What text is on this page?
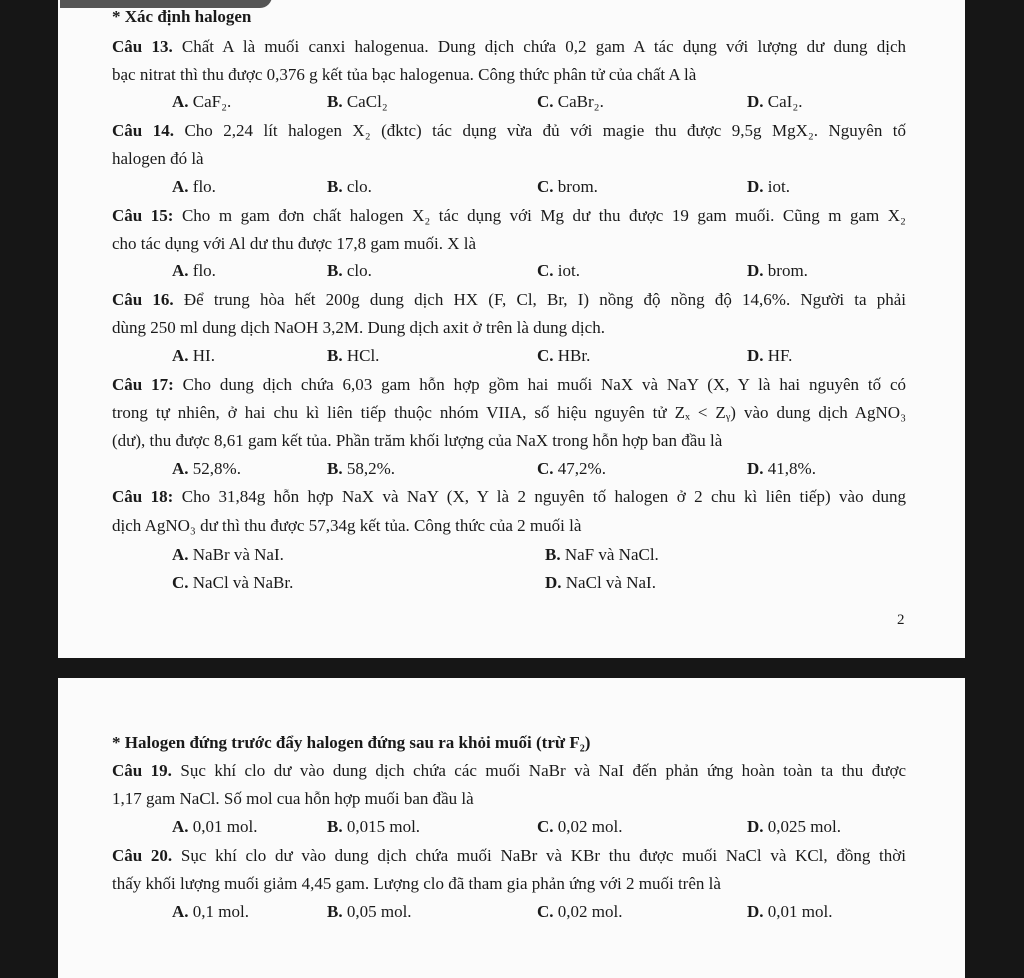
* Xác định halogen
Câu 13. Chất A là muối canxi halogenua. Dung dịch chứa 0,2 gam A tác dụng với lượng dư dung dịch
bạc nitrat thì thu được 0,376 g kết tủa bạc halogenua. Công thức phân tử của chất A là
A. CaF₂.	B. CaCl₂	C. CaBr₂.	D. CaI₂.
Câu 14. Cho 2,24 lít halogen X₂ (đktc) tác dụng vừa đủ với magie thu được 9,5g MgX₂. Nguyên tố
halogen đó là
A. flo.	B. clo.	C. brom.	D. iot.
Câu 15: Cho m gam đơn chất halogen X₂ tác dụng với Mg dư thu được 19 gam muối. Cũng m gam X₂
cho tác dụng với Al dư thu được 17,8 gam muối. X là
A. flo.	B. clo.	C. iot.	D. brom.
Câu 16. Để trung hòa hết 200g dung dịch HX (F, Cl, Br, I) nồng độ nồng độ 14,6%. Người ta phải
dùng 250 ml dung dịch NaOH 3,2M. Dung dịch axit ở trên là dung dịch.
A. HI.	B. HCl.	C. HBr.	D. HF.
Câu 17: Cho dung dịch chứa 6,03 gam hỗn hợp gồm hai muối NaX và NaY (X, Y là hai nguyên tố có
trong tự nhiên, ở hai chu kì liên tiếp thuộc nhóm VIIA, số hiệu nguyên tử Zₓ < Zᵧ) vào dung dịch AgNO₃
(dư), thu được 8,61 gam kết tủa. Phần trăm khối lượng của NaX trong hỗn hợp ban đầu là
A. 52,8%.	B. 58,2%.	C. 47,2%.	D. 41,8%.
Câu 18: Cho 31,84g hỗn hợp NaX và NaY (X, Y là 2 nguyên tố halogen ở 2 chu kì liên tiếp) vào dung
dịch AgNO₃ dư thì thu được 57,34g kết tủa. Công thức của 2 muối là
A. NaBr và NaI.	B. NaF và NaCl.
C. NaCl và NaBr.	D. NaCl và NaI.
* Halogen đứng trước đẩy halogen đứng sau ra khỏi muối (trừ F₂)
Câu 19. Sục khí clo dư vào dung dịch chứa các muối NaBr và NaI đến phản ứng hoàn toàn ta thu được
1,17 gam NaCl. Số mol cua hỗn hợp muối ban đầu là
A. 0,01 mol.	B. 0,015 mol.	C. 0,02 mol.	D. 0,025 mol.
Câu 20. Sục khí clo dư vào dung dịch chứa muối NaBr và KBr thu được muối NaCl và KCl, đồng thời
thấy khối lượng muối giảm 4,45 gam. Lượng clo đã tham gia phản ứng với 2 muối trên là
A. 0,1 mol.	B. 0,05 mol.	C. 0,02 mol.	D. 0,01 mol.
2
